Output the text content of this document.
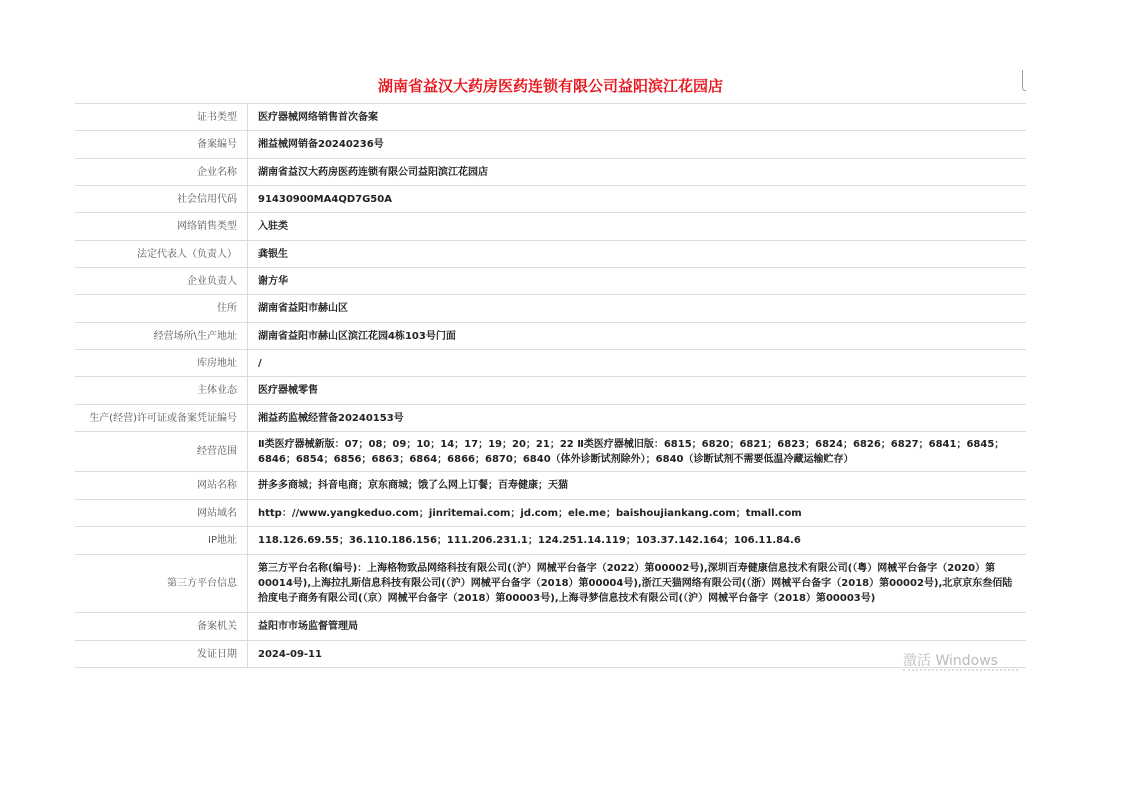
湖南省益汉大药房医药连锁有限公司益阳滨江花园店
证书类型	医疗器械网络销售首次备案
备案编号	湘益械网销备20240236号
企业名称	湖南省益汉大药房医药连锁有限公司益阳滨江花园店
社会信用代码	91430900MA4QD7G50A
网络销售类型	入驻类
法定代表人（负责人）	龚银生
企业负责人	谢方华
住所	湖南省益阳市赫山区
经营场所\生产地址	湖南省益阳市赫山区滨江花园4栋103号门面
库房地址	/
主体业态	医疗器械零售
生产(经营)许可证或备案凭证编号	湘益药监械经营备20240153号
经营范围	Ⅱ类医疗器械新版：07；08；09；10；14；17；19；20；21；22 Ⅱ类医疗器械旧版：6815；6820；6821；6823；6824；6826；6827；6841；6845；6846；6854；6856；6863；6864；6866；6870；6840（体外诊断试剂除外）；6840（诊断试剂不需要低温冷藏运输贮存）
网站名称	拼多多商城；抖音电商；京东商城；饿了么网上订餐；百寿健康；天猫
网站域名	http：//www.yangkeduo.com；jinritemai.com；jd.com；ele.me；baishoujiankang.com；tmall.com
IP地址	118.126.69.55；36.110.186.156；111.206.231.1；124.251.14.119；103.37.142.164；106.11.84.6
第三方平台信息	第三方平台名称(编号)：上海格物致品网络科技有限公司(（沪）网械平台备字（2022）第00002号),深圳百寿健康信息技术有限公司(（粤）网械平台备字（2020）第00014号),上海拉扎斯信息科技有限公司(（沪）网械平台备字（2018）第00004号),浙江天猫网络有限公司(（浙）网械平台备字（2018）第00002号),北京京东叁佰陆拾度电子商务有限公司(（京）网械平台备字（2018）第00003号),上海寻梦信息技术有限公司(（沪）网械平台备字（2018）第00003号)
备案机关	益阳市市场监督管理局
发证日期	2024-09-11	激活 Windows
